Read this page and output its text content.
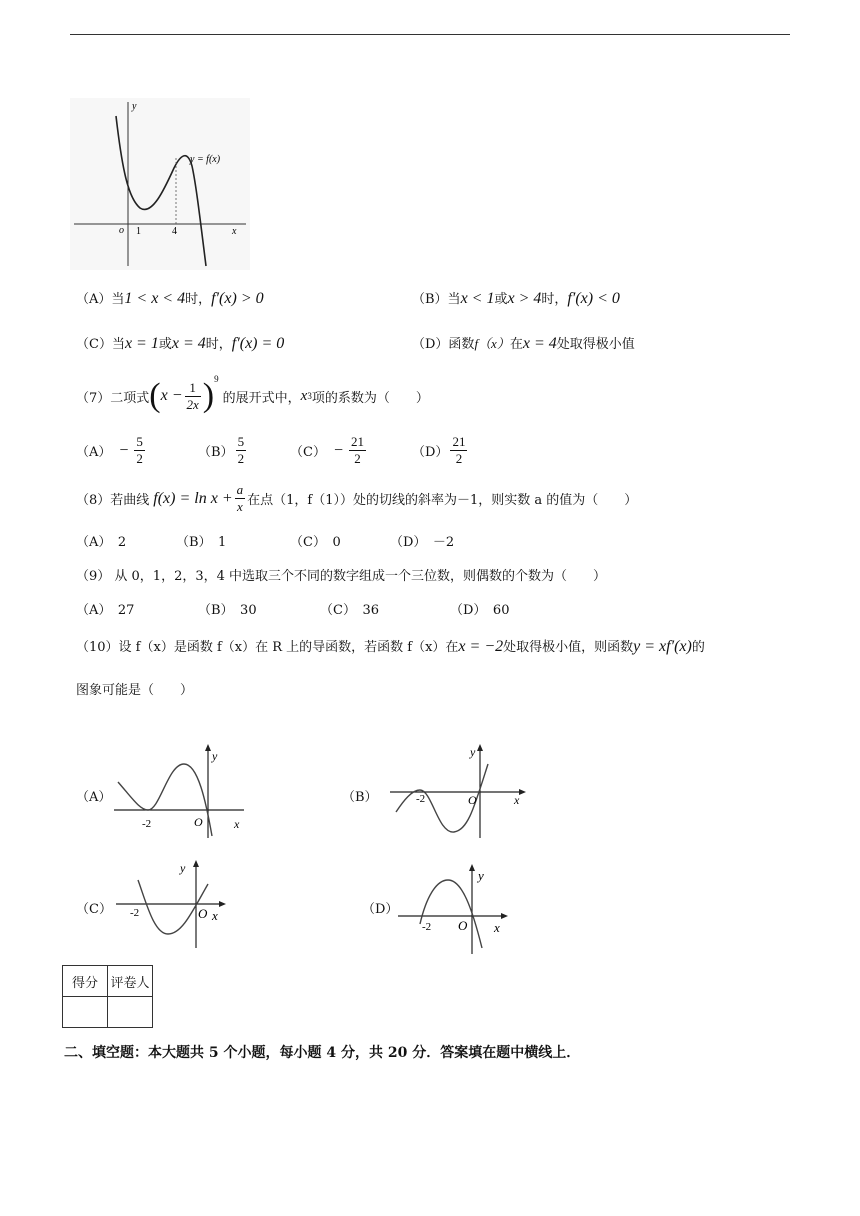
y
x
o 1	4
y = f(x)
（A）当1 < x < 4时，f′(x) > 0	（B）当x < 1或x > 4时，f′(x) < 0
（C）当x = 1或x = 4时，f′(x) = 0	（D）函数f（x）在x = 4处取得极小值
（7）二项式 ( $x - \frac{1}{2x} )^9$
的展开式中， x 3 项的系数为（　　）
$(A) - \frac{5}{2}$	$(B) \frac{5}{2}$	$(C) - \frac{21}{2}$	$(D) \frac{21}{2}$
（8）若曲线 $f(x) = \ln x + \frac{a}{x}$ 在点（1，f（1））处的切线的斜率为－1，则实数 a 的值为（　　）
（A）　2	（B）　1	（C）　0	（D）　－2
（9） 从 0，1，2，3，4 中选取三个不同的数字组成一个三位数，则偶数的个数为（　　）
（A）　27	（B）　30	（C）　36	（D）　60
（10）设 f（x）是函数 f（x）在 R 上的导函数，若函数 f（x）在x = −2处取得极小值，则函数y = xf′(x)的
图象可能是（　　）
（A）
-2	O	x
y
（B）	-2	O	x
y
（C） -2	O x
y
（D）
-2 O x
y
得分	评卷人

二、填空题：本大题共 5 个小题，每小题 4 分，共 20 分．答案填在题中横线上．
